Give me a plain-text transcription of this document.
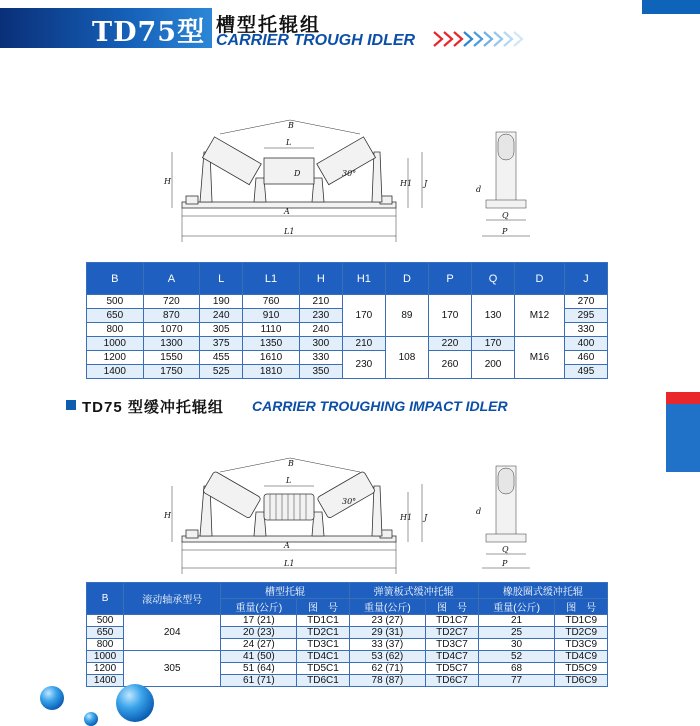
TD75型 槽型托辊组
CARRIER TROUGH IDLER
B
L
D
H	H1 J
A
L1
30°
d
Q
P
B	A	L	L1	H	H1	D	P	Q	D	J
500	720	190	760	210	170	89	170	130	M12	270
650	870	240	910	230						295
800	1070	305	1110	240						330
1000	1300	375	1350	300	210	108	220	170	M16	400
1200	1550	455	1610	330	230		260	200		460
1400	1750	525	1810	350						495
TD75 型缓冲托辊组 CARRIER TROUGHING IMPACT IDLER
B
L
H	H1 J
A
L1
30°
d
Q
P
B	滚动轴承型号	槽型托辊		弹簧板式缓冲托辊		橡胶圈式缓冲托辊	
		重量(公斤)	图　号	重量(公斤)	图　号	重量(公斤)	图　号
500	204	17 (21)	TD1C1	23 (27)	TD1C7	21	TD1C9
650		20 (23)	TD2C1	29 (31)	TD2C7	25	TD2C9
800		24 (27)	TD3C1	33 (37)	TD3C7	30	TD3C9
1000	305	41 (50)	TD4C1	53 (62)	TD4C7	52	TD4C9
1200		51 (64)	TD5C1	62 (71)	TD5C7	68	TD5C9
1400		61 (71)	TD6C1	78 (87)	TD6C7	77	TD6C9
